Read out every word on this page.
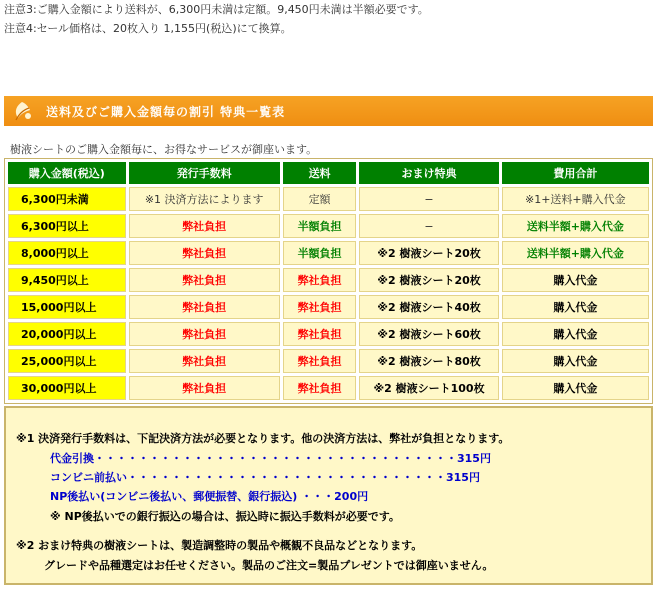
注意3:ご購入金額により送料が、6,300円未満は定額。9,450円未満は半額必要です。
注意4:セール価格は、20枚入り 1,155円(税込)にて換算。
送料及びご購入金額毎の割引 特典一覧表
樹液シートのご購入金額毎に、お得なサービスが御座います。
購入金額(税込)	発行手数料	送料	おまけ特典	費用合計
6,300円未満	※1 決済方法によります	定額	−	※1+送料+購入代金
6,300円以上	弊社負担	半額負担	−	送料半額+購入代金
8,000円以上	弊社負担	半額負担	※2 樹液シート20枚	送料半額+購入代金
9,450円以上	弊社負担	弊社負担	※2 樹液シート20枚	購入代金
15,000円以上	弊社負担	弊社負担	※2 樹液シート40枚	購入代金
20,000円以上	弊社負担	弊社負担	※2 樹液シート60枚	購入代金
25,000円以上	弊社負担	弊社負担	※2 樹液シート80枚	購入代金
30,000円以上	弊社負担	弊社負担	※2 樹液シート100枚	購入代金
※1 決済発行手数料は、下記決済方法が必要となります。他の決済方法は、弊社が負担となります。
代金引換・・・・・・・・・・・・・・・・・・・・・・・・・・・・・・・・・315円
コンビニ前払い・・・・・・・・・・・・・・・・・・・・・・・・・・・・・315円
NP後払い(コンビニ後払い、郵便振替、銀行振込) ・・・200円
※ NP後払いでの銀行振込の場合は、振込時に振込手数料が必要です。
※2 おまけ特典の樹液シートは、製造調整時の製品や概観不良品などとなります。
グレードや品種選定はお任せください。製品のご注文=製品プレゼントでは御座いません。
